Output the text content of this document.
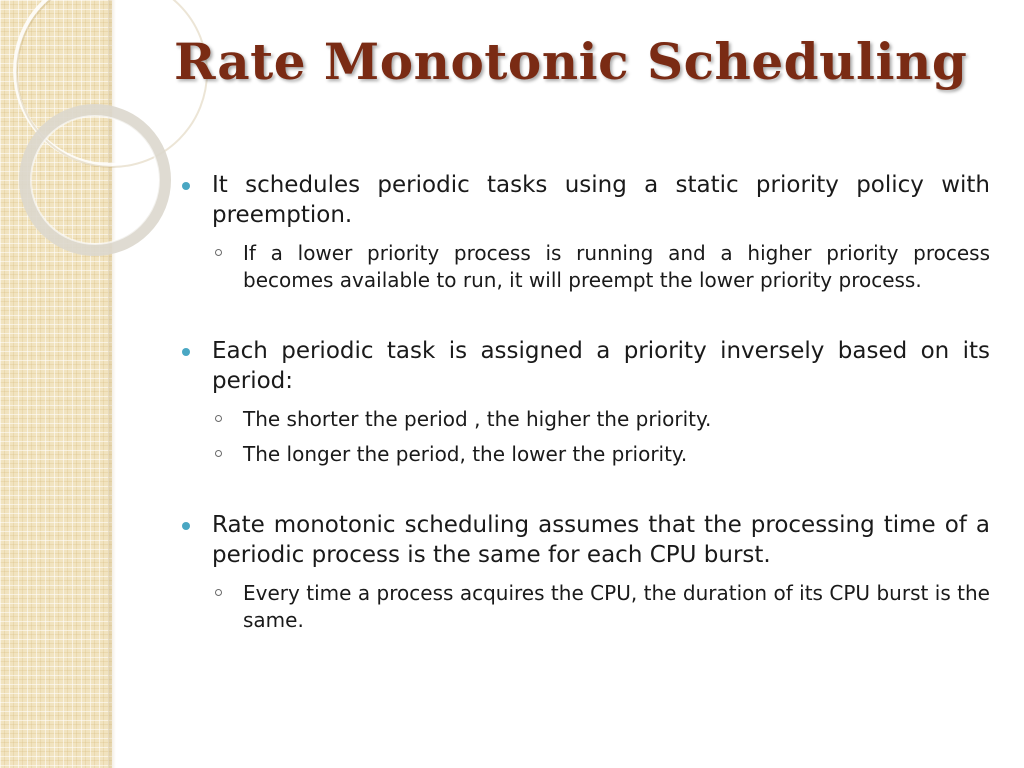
Rate Monotonic Scheduling
It schedules periodic tasks using a static priority policy with preemption.
If a lower priority process is running and a higher priority process becomes available to run, it will preempt the lower priority process.
Each periodic task is assigned a priority inversely based on its period:
The shorter the period , the higher the priority.
The longer the period, the lower the priority.
Rate monotonic scheduling assumes that the processing time of a periodic process is the same for each CPU burst.
Every time a process acquires the CPU, the duration of its CPU burst is the same.
